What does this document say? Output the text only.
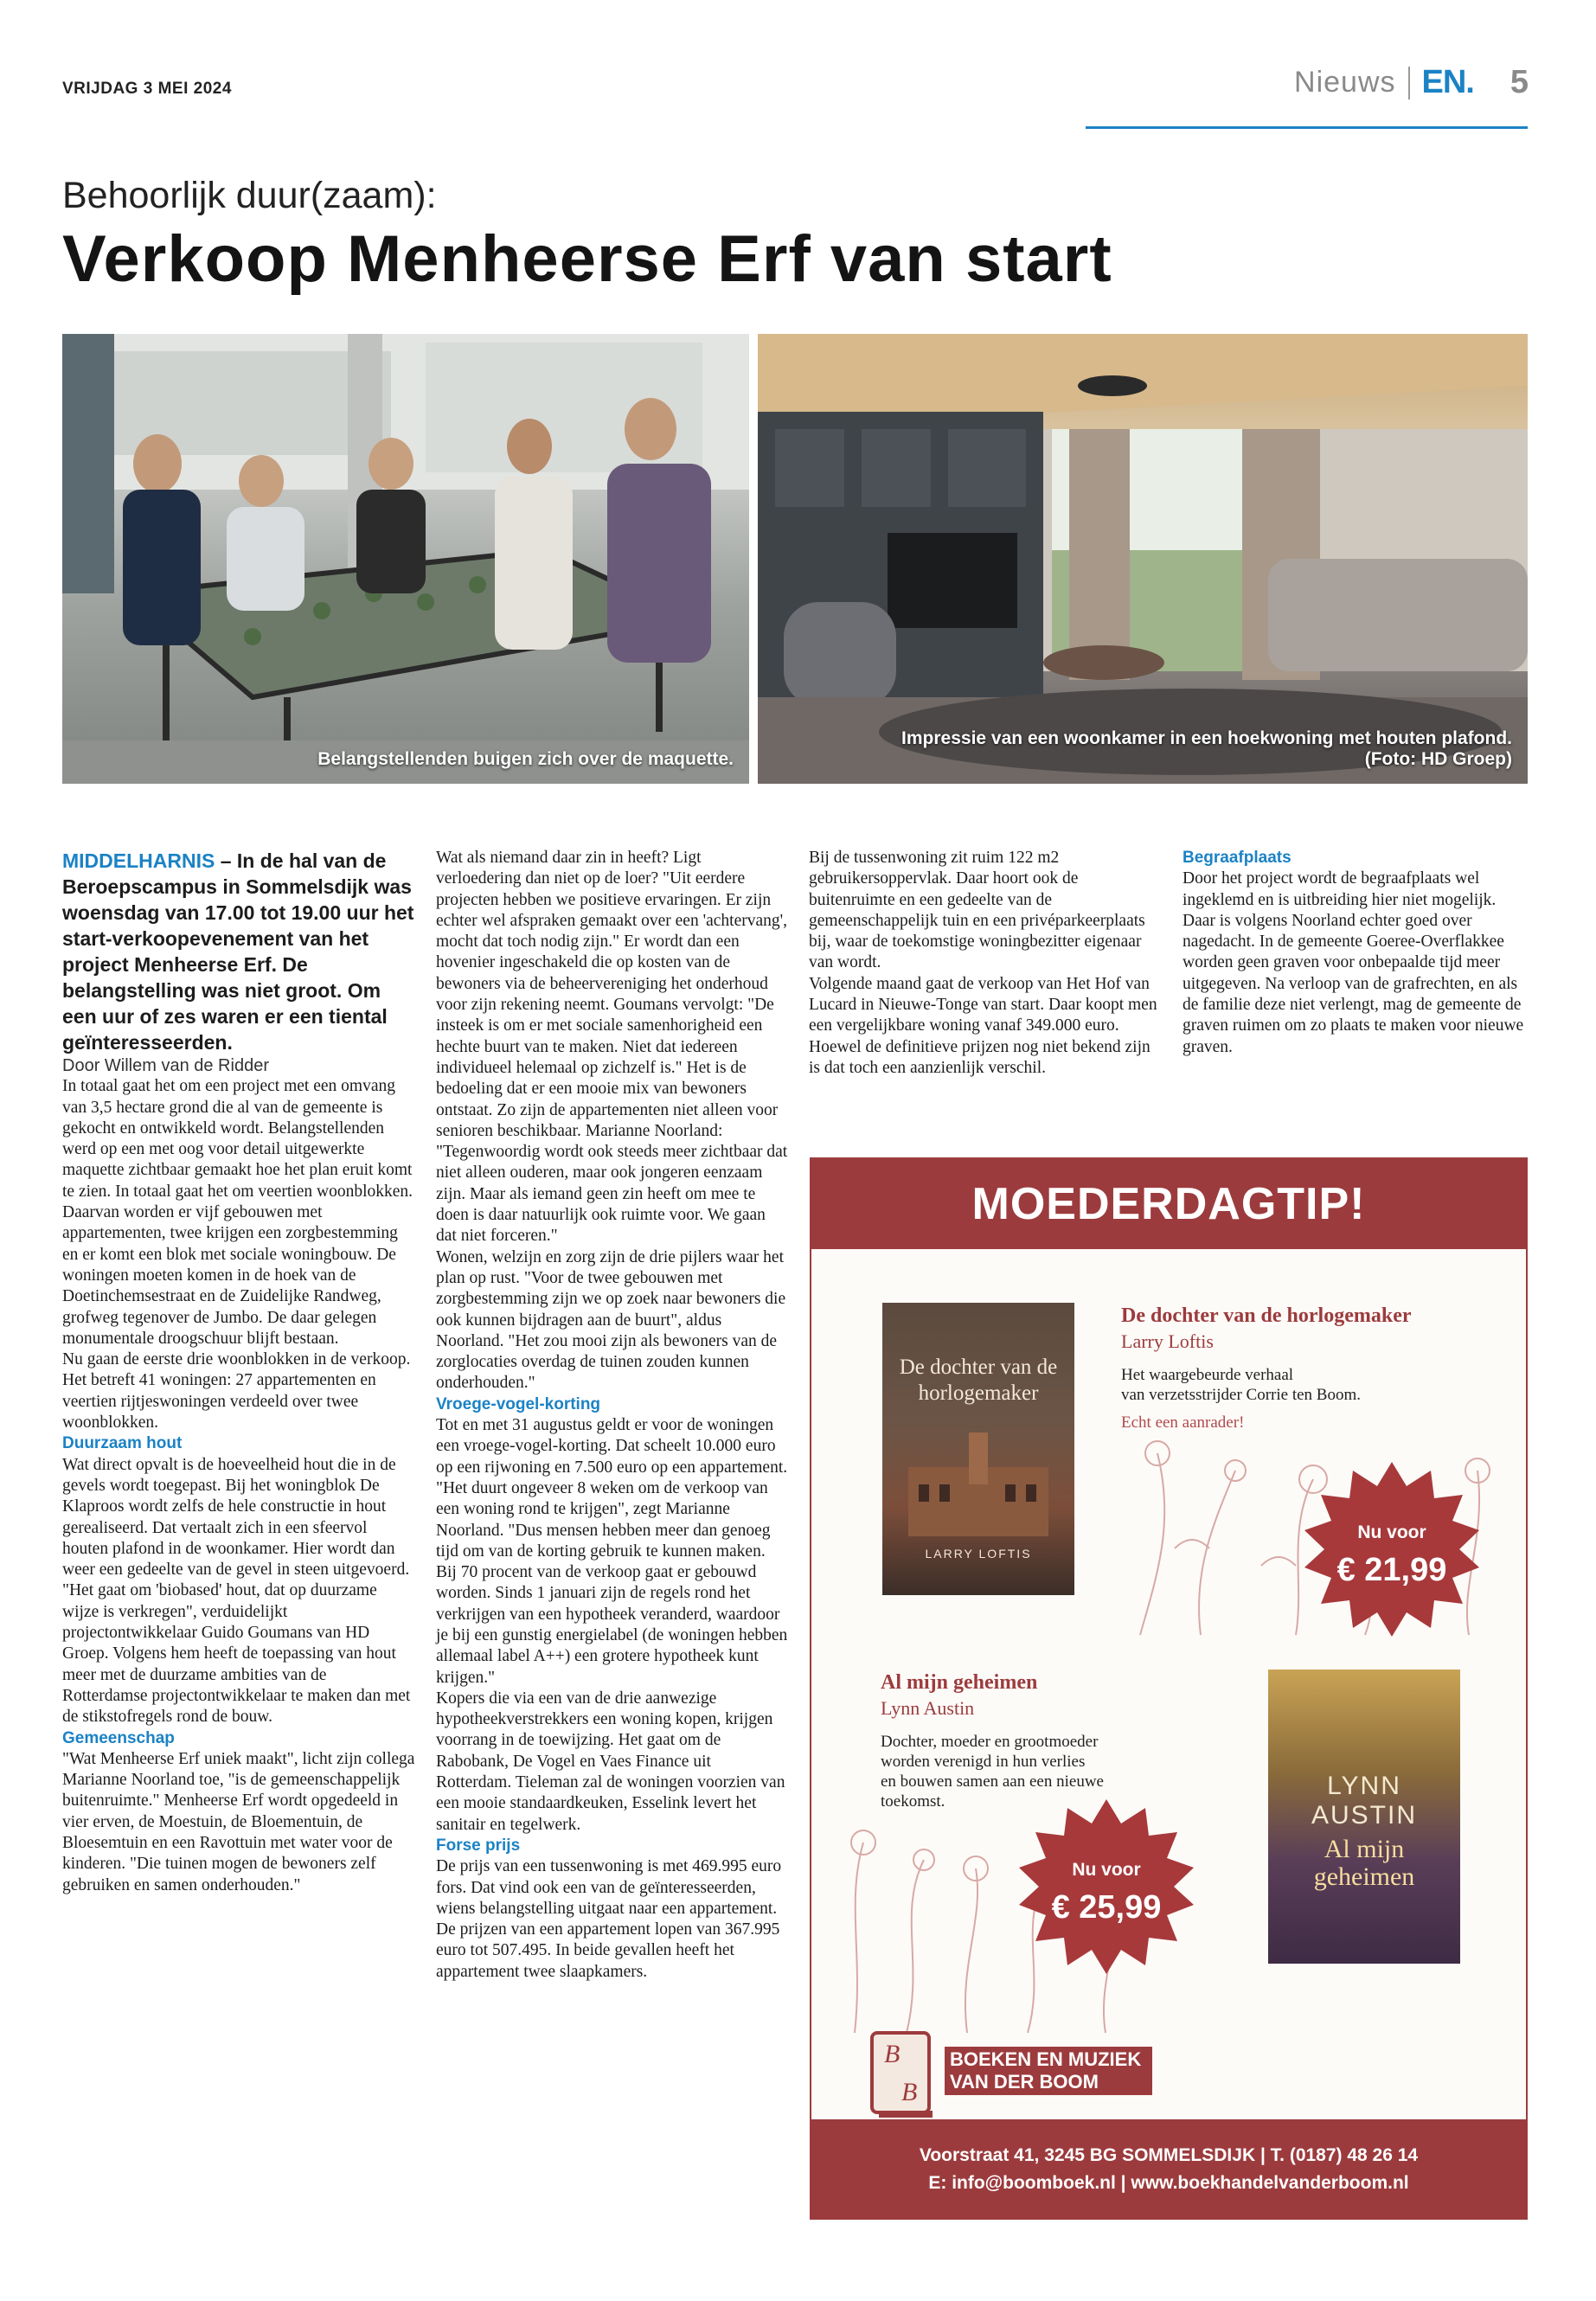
VRIJDAG 3 MEI 2024	Nieuws EN. 5
Behoorlijk duur(zaam):
Verkoop Menheerse Erf van start
Belangstellenden buigen zich over de maquette.
Impressie van een woonkamer in een hoekwoning met houten plafond.
(Foto: HD Groep)

MIDDELHARNIS – In de hal van de Beroepscampus in Sommelsdijk was woensdag van 17.00 tot 19.00 uur het start-verkoopevenement van het project Menheerse Erf. De belangstelling was niet groot. Om een uur of zes waren er een tiental geïnteresseerden.

Door Willem van de Ridder

In totaal gaat het om een project met een omvang van 3,5 hectare grond die al van de gemeente is gekocht en ontwikkeld wordt. Belangstellenden werd op een met oog voor detail uitgewerkte maquette zichtbaar gemaakt hoe het plan eruit komt te zien. In totaal gaat het om veertien woonblokken. Daarvan worden er vijf gebouwen met appartementen, twee krijgen een zorgbestemming en er komt een blok met sociale woningbouw. De woningen moeten komen in de hoek van de Doetinchemsestraat en de Zuidelijke Randweg, grofweg tegenover de Jumbo. De daar gelegen monumentale droogschuur blijft bestaan.

Nu gaan de eerste drie woonblokken in de verkoop. Het betreft 41 woningen: 27 appartementen en veertien rijtjeswoningen verdeeld over twee woonblokken.

Duurzaam hout

Wat direct opvalt is de hoeveelheid hout die in de gevels wordt toegepast. Bij het woningblok De Klaproos wordt zelfs de hele constructie in hout gerealiseerd. Dat vertaalt zich in een sfeervol houten plafond in de woonkamer. Hier wordt dan weer een gedeelte van de gevel in steen uitgevoerd. "Het gaat om 'biobased' hout, dat op duurzame wijze is verkregen", verduidelijkt projectontwikkelaar Guido Goumans van HD Groep. Volgens hem heeft de toepassing van hout meer met de duurzame ambities van de Rotterdamse projectontwikkelaar te maken dan met de stikstofregels rond de bouw.

Gemeenschap

"Wat Menheerse Erf uniek maakt", licht zijn collega Marianne Noorland toe, "is de gemeenschappelijk buitenruimte." Menheerse Erf wordt opgedeeld in vier erven, de Moestuin, de Bloementuin, de Bloesemtuin en een Ravottuin met water voor de kinderen. "Die tuinen mogen de bewoners zelf gebruiken en samen onderhouden."

Wat als niemand daar zin in heeft? Ligt verloedering dan niet op de loer? "Uit eerdere projecten hebben we positieve ervaringen. Er zijn echter wel afspraken gemaakt over een 'achtervang', mocht dat toch nodig zijn." Er wordt dan een hovenier ingeschakeld die op kosten van de bewoners via de beheervereniging het onderhoud voor zijn rekening neemt. Goumans vervolgt: "De insteek is om er met sociale samenhorigheid een hechte buurt van te maken. Niet dat iedereen individueel helemaal op zichzelf is." Het is de bedoeling dat er een mooie mix van bewoners ontstaat. Zo zijn de appartementen niet alleen voor senioren beschikbaar. Marianne Noorland: "Tegenwoordig wordt ook steeds meer zichtbaar dat niet alleen ouderen, maar ook jongeren eenzaam zijn. Maar als iemand geen zin heeft om mee te doen is daar natuurlijk ook ruimte voor. We gaan dat niet forceren."

Wonen, welzijn en zorg zijn de drie pijlers waar het plan op rust. "Voor de twee gebouwen met zorgbestemming zijn we op zoek naar bewoners die ook kunnen bijdragen aan de buurt", aldus Noorland. "Het zou mooi zijn als bewoners van de zorglocaties overdag de tuinen zouden kunnen onderhouden."

Vroege-vogel-korting

Tot en met 31 augustus geldt er voor de woningen een vroege-vogel-korting. Dat scheelt 10.000 euro op een rijwoning en 7.500 euro op een appartement. "Het duurt ongeveer 8 weken om de verkoop van een woning rond te krijgen", zegt Marianne Noorland. "Dus mensen hebben meer dan genoeg tijd om van de korting gebruik te kunnen maken. Bij 70 procent van de verkoop gaat er gebouwd worden. Sinds 1 januari zijn de regels rond het verkrijgen van een hypotheek veranderd, waardoor je bij een gunstig energielabel (de woningen hebben allemaal label A++) een grotere hypotheek kunt krijgen."

Kopers die via een van de drie aanwezige hypotheekverstrekkers een woning kopen, krijgen voorrang in de toewijzing. Het gaat om de Rabobank, De Vogel en Vaes Finance uit Rotterdam. Tieleman zal de woningen voorzien van een mooie standaardkeuken, Esselink levert het sanitair en tegelwerk.

Forse prijs

De prijs van een tussenwoning is met 469.995 euro fors. Dat vind ook een van de geïnteresseerden, wiens belangstelling uitgaat naar een appartement. De prijzen van een appartement lopen van 367.995 euro tot 507.495. In beide gevallen heeft het appartement twee slaapkamers.

Bij de tussenwoning zit ruim 122 m2 gebruikersoppervlak. Daar hoort ook de buitenruimte en een gedeelte van de gemeenschappelijk tuin en een privéparkeerplaats bij, waar de toekomstige woningbezitter eigenaar van wordt.

Volgende maand gaat de verkoop van Het Hof van Lucard in Nieuwe-Tonge van start. Daar koopt men een vergelijkbare woning vanaf 349.000 euro. Hoewel de definitieve prijzen nog niet bekend zijn is dat toch een aanzienlijk verschil.

Begraafplaats

Door het project wordt de begraafplaats wel ingeklemd en is uitbreiding hier niet mogelijk. Daar is volgens Noorland echter goed over nagedacht. In de gemeente Goeree-Overflakkee worden geen graven voor onbepaalde tijd meer uitgegeven. Na verloop van de grafrechten, en als de familie deze niet verlengt, mag de gemeente de graven ruimen om zo plaats te maken voor nieuwe graven.

MOEDERDAGTIP!
De dochter van de horlogemaker
LARRY LOFTIS
De dochter van de horlogemaker
Larry Loftis
Het waargebeurde verhaal
van verzetsstrijder Corrie ten Boom.
Echt een aanrader!
Nu voor
€ 21,99
Al mijn geheimen
Lynn Austin
Dochter, moeder en grootmoeder
worden verenigd in hun verlies
en bouwen samen aan een nieuwe
toekomst.
Nu voor
€ 25,99
LYNN
AUSTIN
Al mijn
geheimen
B
B
BOEKEN EN MUZIEK
VAN DER BOOM
Voorstraat 41, 3245 BG SOMMELSDIJK | T. (0187) 48 26 14
E: info@boomboek.nl | www.boekhandelvanderboom.nl
